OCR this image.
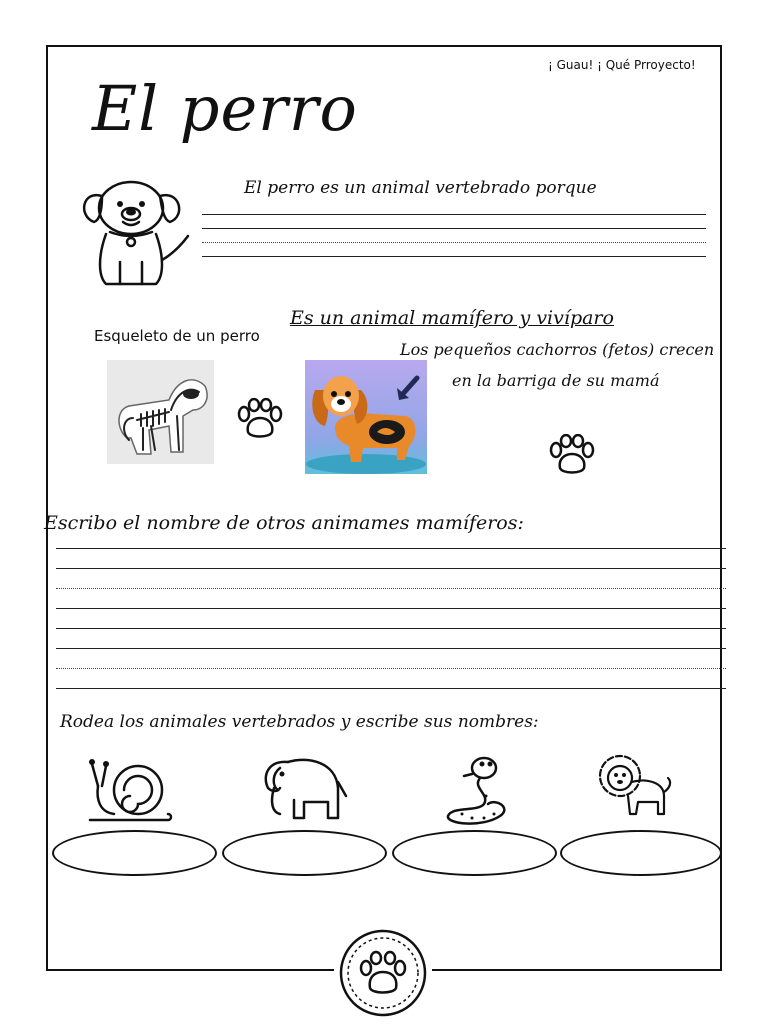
¡ Guau! ¡ Qué Prroyecto!
El perro
El perro es un animal vertebrado porque
Es un animal mamífero y vivíparo
Esqueleto de un perro
Los pequeños cachorros (fetos) crecen
en la barriga de su mamá
Escribo el nombre de otros animames mamíferos:
Rodea los animales vertebrados y escribe sus nombres:
